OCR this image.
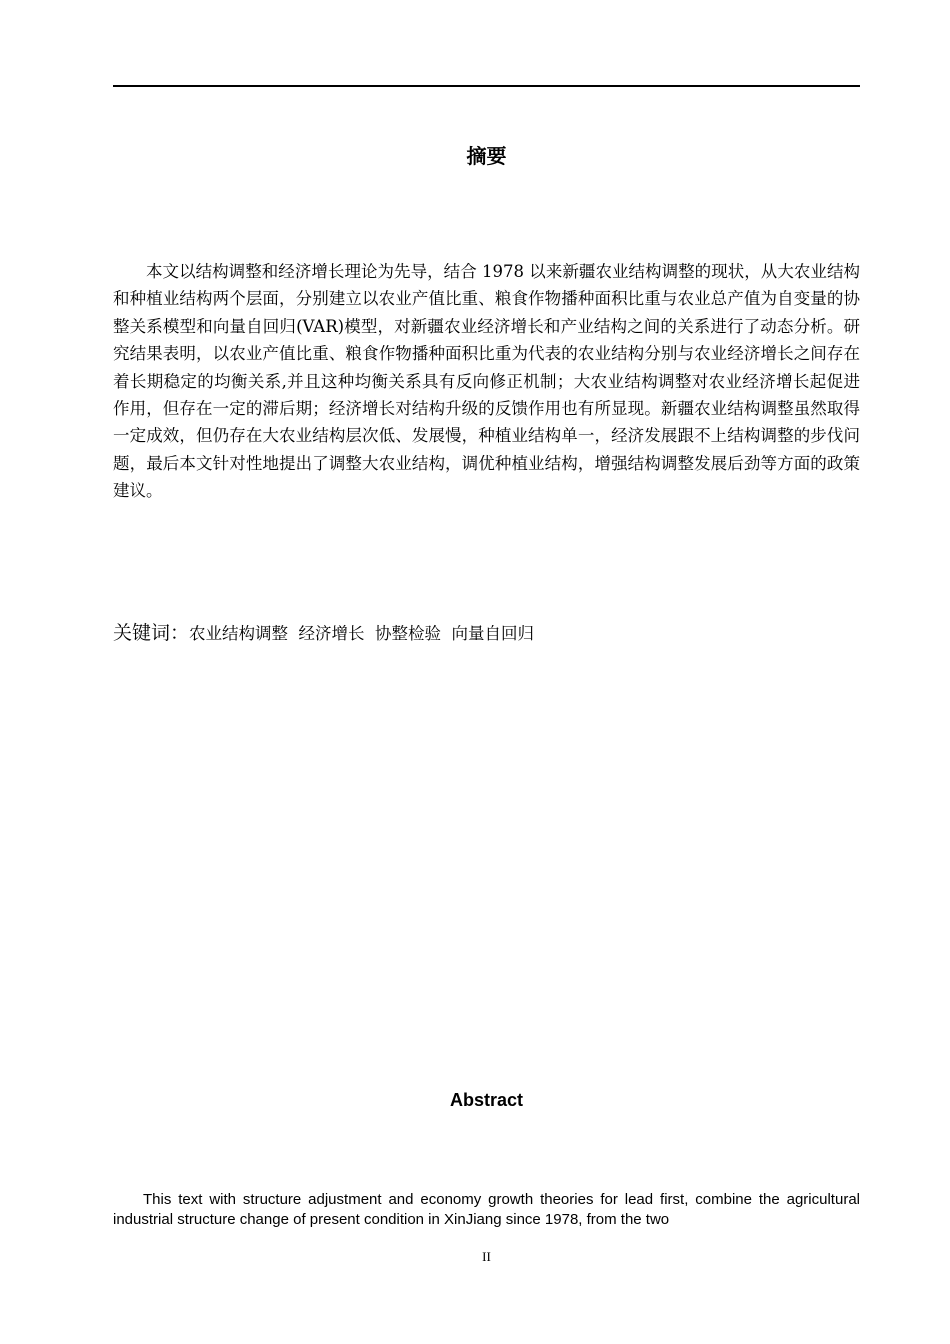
摘要
本文以结构调整和经济增长理论为先导，结合 1978 以来新疆农业结构调整的现状，从大农业结构和种植业结构两个层面，分别建立以农业产值比重、粮食作物播种面积比重与农业总产值为自变量的协整关系模型和向量自回归(VAR)模型，对新疆农业经济增长和产业结构之间的关系进行了动态分析。研究结果表明，以农业产值比重、粮食作物播种面积比重为代表的农业结构分别与农业经济增长之间存在着长期稳定的均衡关系,并且这种均衡关系具有反向修正机制；大农业结构调整对农业经济增长起促进作用，但存在一定的滞后期；经济增长对结构升级的反馈作用也有所显现。新疆农业结构调整虽然取得一定成效，但仍存在大农业结构层次低、发展慢，种植业结构单一，经济发展跟不上结构调整的步伐问题，最后本文针对性地提出了调整大农业结构，调优种植业结构，增强结构调整发展后劲等方面的政策建议。
关键词：农业结构调整  经济增长  协整检验  向量自回归
Abstract
This text with structure adjustment and economy growth theories for lead first, combine the agricultural industrial structure change of present condition in XinJiang since 1978, from the two
II
